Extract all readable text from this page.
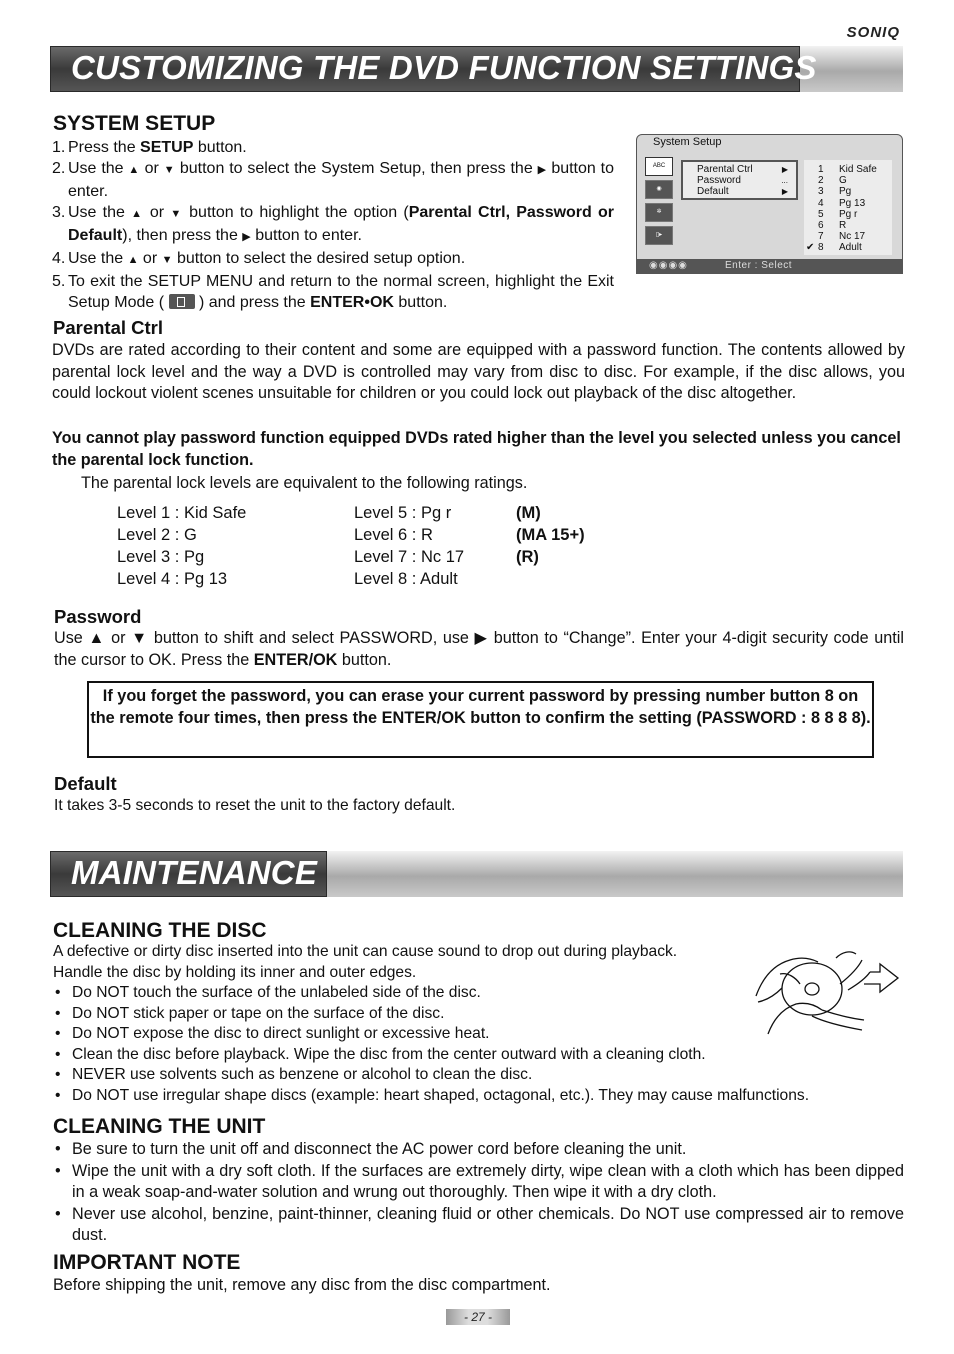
SONIQ
CUSTOMIZING THE DVD FUNCTION SETTINGS
SYSTEM SETUP
1. Press the SETUP button.
2. Use the ▲ or ▼ button to select the System Setup, then press the ▶ button to enter.
3. Use the ▲ or ▼ button to highlight the option (Parental Ctrl, Password or Default), then press the ▶ button to enter.
4. Use the ▲ or ▼ button to select the desired setup option.
5. To exit the SETUP MENU and return to the normal screen, highlight the Exit Setup Mode (  ) and press the ENTER•OK button.
System Setup
ABC
◉
✲
▯▸
Parental Ctrl	▶
Password	...
Default	▶
1 Kid Safe
2 G
3 Pg
4 Pg 13
5 Pg r
6 R
7 Nc 17
✔ 8 Adult
◉◉◉◉	Enter : Select
Parental Ctrl

DVDs are rated according to their content and some are equipped with a password function. The contents allowed by parental lock level and the way a DVD is controlled may vary from disc to disc. For example, if the disc allows, you could lockout violent scenes unsuitable for children or you could lock out playback of the disc altogether.

You cannot play password function equipped DVDs rated higher than the level you selected unless you cancel the parental lock function.

The parental lock levels are equivalent to the following ratings.

Level 1 : Kid Safe	Level 5 : Pg r	(M)
Level 2 : G	Level 6 : R	(MA 15+)
Level 3 : Pg	Level 7 : Nc 17	(R)
Level 4 : Pg 13	Level 8 : Adult
Password

Use ▲ or ▼ button to shift and select PASSWORD, use ▶ button to “Change”. Enter your 4-digit security code until the cursor to OK. Press the ENTER/OK button.

If you forget the password, you can erase your current password by pressing number button 8 on the remote four times, then press the ENTER/OK button to confirm the setting (PASSWORD : 8 8 8 8).
Default

It takes 3-5 seconds to reset the unit to the factory default.

MAINTENANCE
CLEANING THE DISC

A defective or dirty disc inserted into the unit can cause sound to drop out during playback.

Handle the disc by holding its inner and outer edges.

• Do NOT touch the surface of the unlabeled side of the disc.
• Do NOT stick paper or tape on the surface of the disc.
• Do NOT expose the disc to direct sunlight or excessive heat.
• Clean the disc before playback. Wipe the disc from the center outward with a cleaning cloth.
• NEVER use solvents such as benzene or alcohol to clean the disc.
• Do NOT use irregular shape discs (example: heart shaped, octagonal, etc.). They may cause malfunctions.
CLEANING THE UNIT
• Be sure to turn the unit off and disconnect the AC power cord before cleaning the unit.
• Wipe the unit with a dry soft cloth. If the surfaces are extremely dirty, wipe clean with a cloth which has been dipped in a weak soap-and-water solution and wrung out thoroughly. Then wipe it with a dry cloth.
• Never use alcohol, benzine, paint-thinner, cleaning fluid or other chemicals. Do NOT use compressed air to remove dust.
IMPORTANT NOTE

Before shipping the unit, remove any disc from the disc compartment.

- 27 -
